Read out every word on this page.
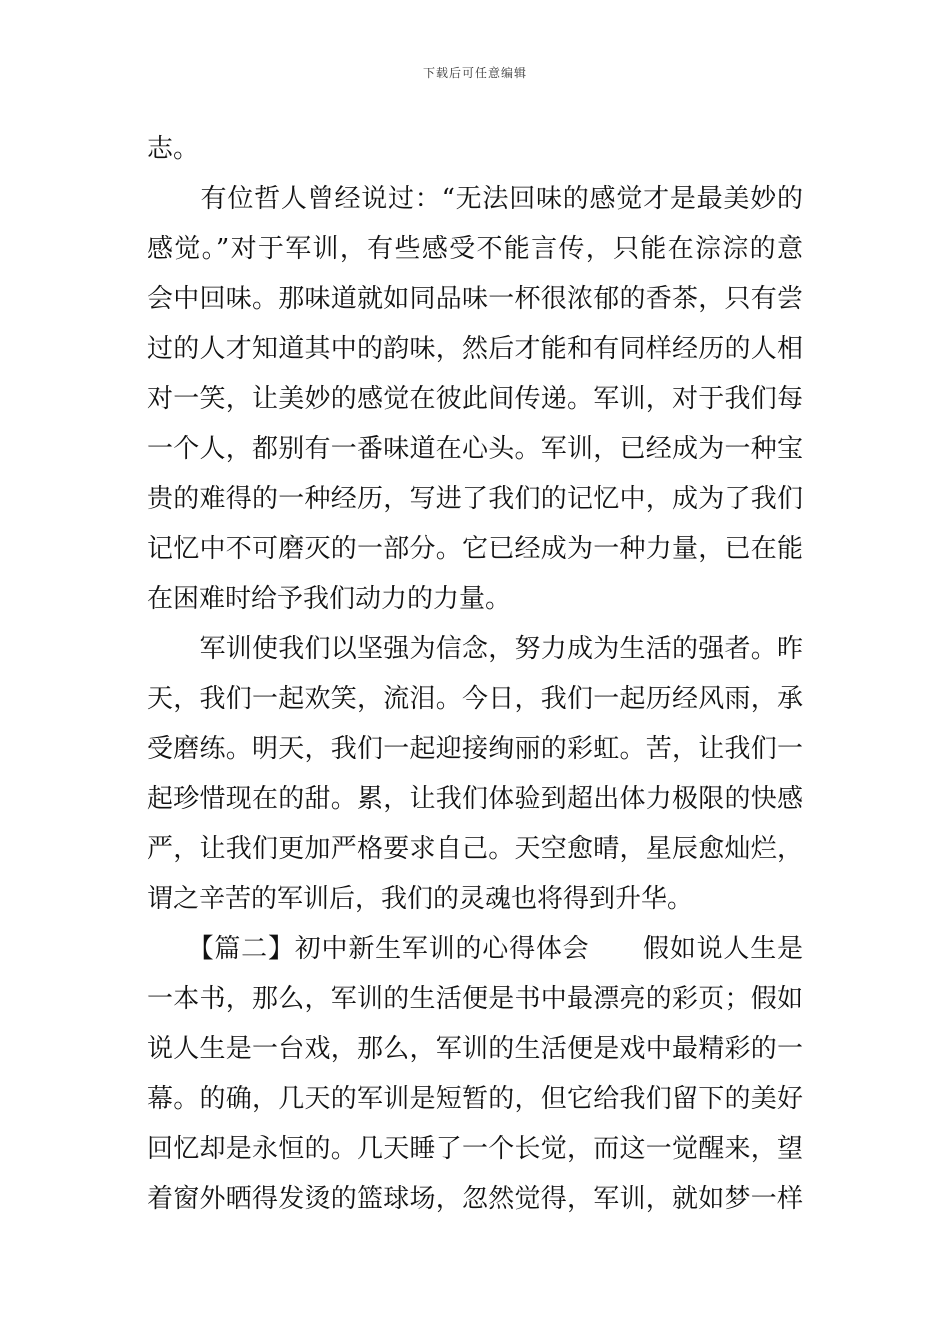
下载后可任意编辑
志。
　　有位哲人曾经说过：“无法回味的感觉才是最美妙的
感觉。”对于军训，有些感受不能言传，只能在淙淙的意
会中回味。那味道就如同品味一杯很浓郁的香茶，只有尝
过的人才知道其中的韵味，然后才能和有同样经历的人相
对一笑，让美妙的感觉在彼此间传递。军训，对于我们每
一个人，都别有一番味道在心头。军训，已经成为一种宝
贵的难得的一种经历，写进了我们的记忆中，成为了我们
记忆中不可磨灭的一部分。它已经成为一种力量，已在能
在困难时给予我们动力的力量。
　　军训使我们以坚强为信念，努力成为生活的强者。昨
天，我们一起欢笑，流泪。今日，我们一起历经风雨，承
受磨练。明天，我们一起迎接绚丽的彩虹。苦，让我们一
起珍惜现在的甜。累，让我们体验到超出体力极限的快感
严，让我们更加严格要求自己。天空愈晴，星辰愈灿烂，
谓之辛苦的军训后，我们的灵魂也将得到升华。
　　【篇二】初中新生军训的心得体会　　假如说人生是
一本书，那么，军训的生活便是书中最漂亮的彩页；假如
说人生是一台戏，那么，军训的生活便是戏中最精彩的一
幕。的确，几天的军训是短暂的，但它给我们留下的美好
回忆却是永恒的。几天睡了一个长觉，而这一觉醒来，望
着窗外晒得发烫的篮球场，忽然觉得，军训，就如梦一样
